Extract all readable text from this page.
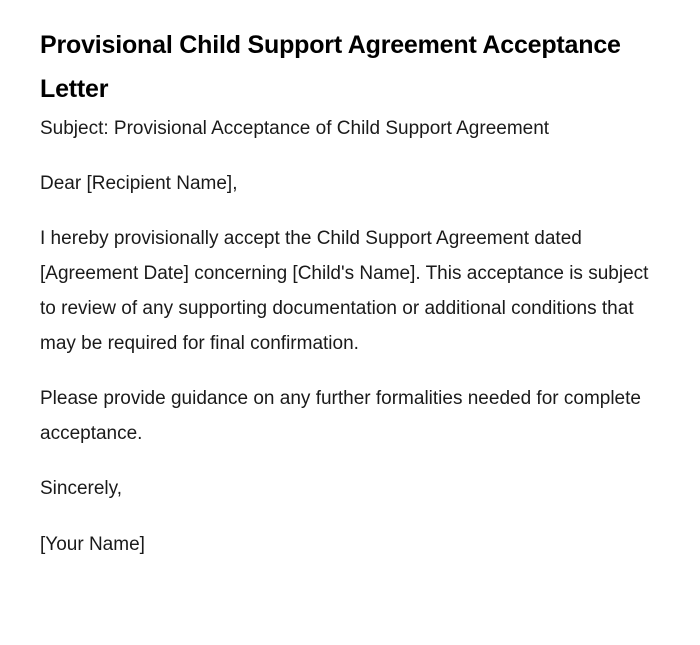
Provisional Child Support Agreement Acceptance Letter

Subject: Provisional Acceptance of Child Support Agreement

Dear [Recipient Name],

I hereby provisionally accept the Child Support Agreement dated [Agreement Date] concerning [Child's Name]. This acceptance is subject to review of any supporting documentation or additional conditions that may be required for final confirmation.

Please provide guidance on any further formalities needed for complete acceptance.

Sincerely,

[Your Name]
